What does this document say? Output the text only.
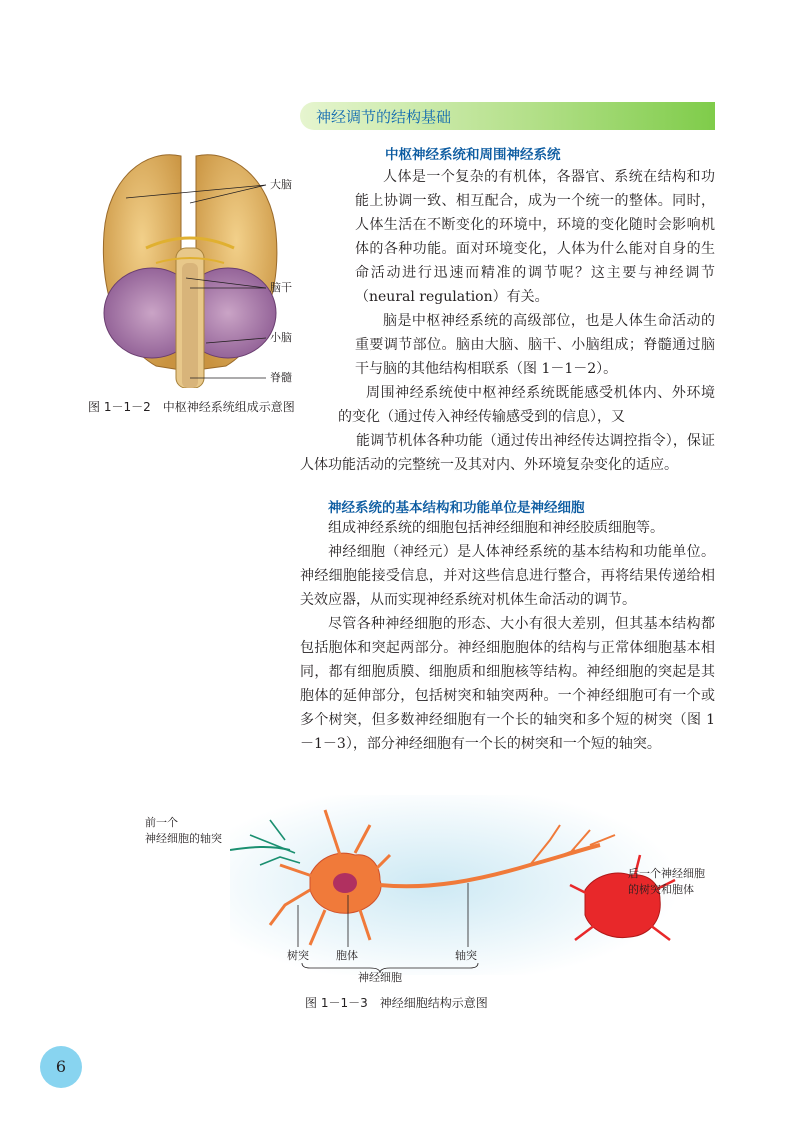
神经调节的结构基础
大脑
脑干
小脑
脊髓
图 1－1－2　中枢神经系统组成示意图
中枢神经系统和周围神经系统

人体是一个复杂的有机体，各器官、系统在结构和功能上协调一致、相互配合，成为一个统一的整体。同时，人体生活在不断变化的环境中，环境的变化随时会影响机体的各种功能。面对环境变化，人体为什么能对自身的生命活动进行迅速而精准的调节呢？这主要与神经调节（neural regulation）有关。

脑是中枢神经系统的高级部位，也是人体生命活动的重要调节部位。脑由大脑、脑干、小脑组成；脊髓通过脑干与脑的其他结构相联系（图 1－1－2）。

周围神经系统使中枢神经系统既能感受机体内、外环境的变化（通过传入神经传输感受到的信息），又

能调节机体各种功能（通过传出神经传达调控指令），保证人体功能活动的完整统一及其对内、外环境复杂变化的适应。

神经系统的基本结构和功能单位是神经细胞

组成神经系统的细胞包括神经细胞和神经胶质细胞等。

神经细胞（神经元）是人体神经系统的基本结构和功能单位。神经细胞能接受信息，并对这些信息进行整合，再将结果传递给相关效应器，从而实现神经系统对机体生命活动的调节。

尽管各种神经细胞的形态、大小有很大差别，但其基本结构都包括胞体和突起两部分。神经细胞胞体的结构与正常体细胞基本相同，都有细胞质膜、细胞质和细胞核等结构。神经细胞的突起是其胞体的延伸部分，包括树突和轴突两种。一个神经细胞可有一个或多个树突，但多数神经细胞有一个长的轴突和多个短的树突（图 1－1－3），部分神经细胞有一个长的树突和一个短的轴突。

前一个
神经细胞的轴突
后一个神经细胞
的树突和胞体
树突 胞体	轴突
神经细胞
图 1－1－3　神经细胞结构示意图
6
